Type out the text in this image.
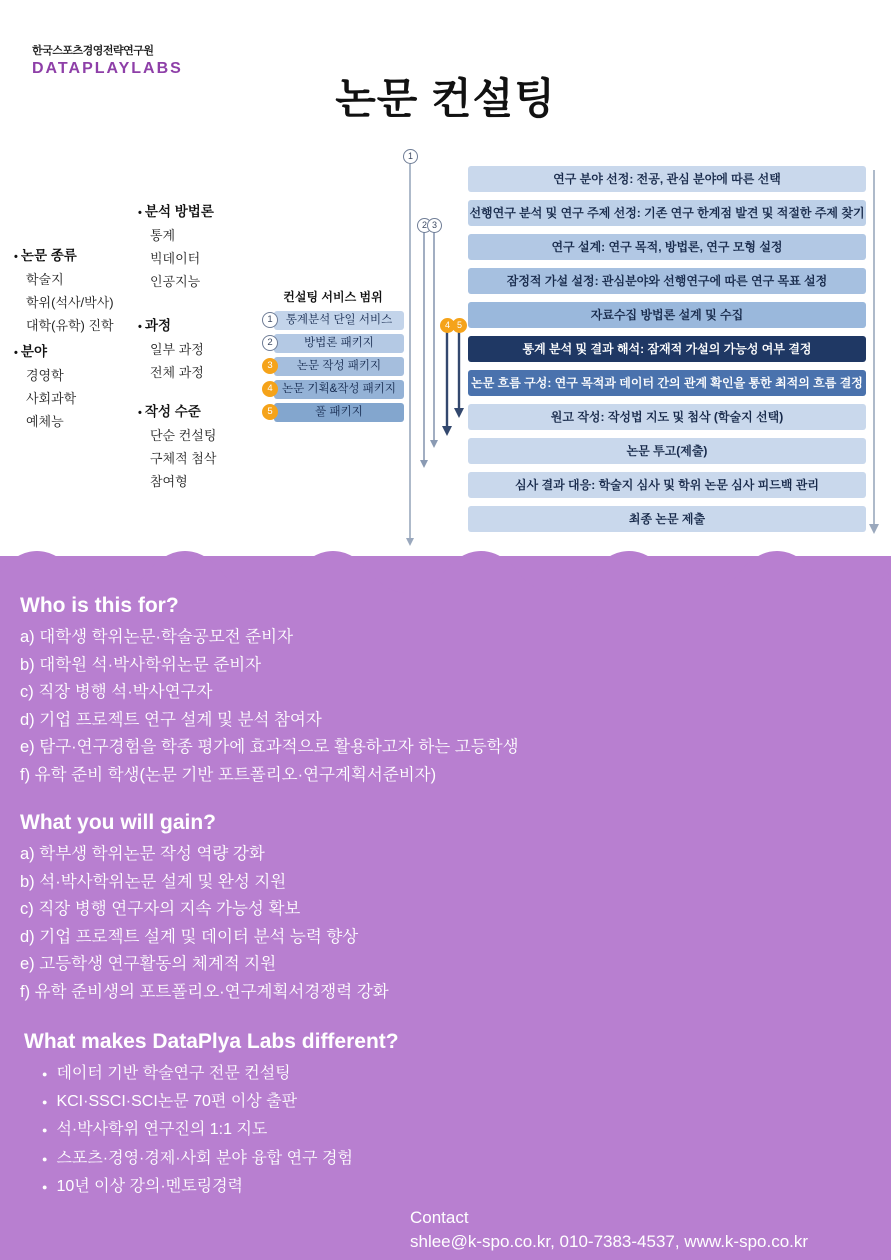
한국스포츠경영전략연구원
DATAPLAYLABS
논문 컨설팅
• 논문 종류
학술지
학위(석사/박사)
대학(유학) 진학
• 분야
경영학
사회과학
예체능
• 분석 방법론
통계
빅데이터
인공지능
• 과정
일부 과정
전체 과정
• 작성 수준
단순 컨설팅
구체적 첨삭
참여형
컨설팅 서비스 범위
1	통계분석 단일 서비스
2	방법론 패키지
3	논문 작성 패키지
4 논문 기획&작성 패키지
5	풀 패키지
1
2 3
4 5
연구 분야 선정: 전공, 관심 분야에 따른 선택
선행연구 분석 및 연구 주제 선정: 기존 연구 한계점 발견 및 적절한 주제 찾기
연구 설계: 연구 목적, 방법론, 연구 모형 설정
잠정적 가설 설정: 관심분야와 선행연구에 따른 연구 목표 설정
자료수집 방법론 설계 및 수집
통계 분석 및 결과 해석: 잠재적 가설의 가능성 여부 결정
논문 흐름 구성: 연구 목적과 데이터 간의 관계 확인을 통한 최적의 흐름 결정
원고 작성: 작성법 지도 및 첨삭 (학술지 선택)
논문 투고(제출)
심사 결과 대응: 학술지 심사 및 학위 논문 심사 피드백 관리
최종 논문 제출
Who is this for?
a) 대학생 학위논문·학술공모전 준비자
b) 대학원 석·박사학위논문 준비자
c) 직장 병행 석·박사연구자
d) 기업 프로젝트 연구 설계 및 분석 참여자
e) 탐구·연구경험을 학종 평가에 효과적으로 활용하고자 하는 고등학생
f) 유학 준비 학생(논문 기반 포트폴리오·연구계획서준비자)
What you will gain?
a) 학부생 학위논문 작성 역량 강화
b) 석·박사학위논문 설계 및 완성 지원
c) 직장 병행 연구자의 지속 가능성 확보
d) 기업 프로젝트 설계 및 데이터 분석 능력 향상
e) 고등학생 연구활동의 체계적 지원
f) 유학 준비생의 포트폴리오·연구계획서경쟁력 강화
What makes DataPlya Labs different?
● 데이터 기반 학술연구 전문 컨설팅
● KCI·SSCI·SCI논문 70편 이상 출판
● 석·박사학위 연구진의 1:1 지도
● 스포츠·경영·경제·사회 분야 융합 연구 경험
● 10년 이상 강의·멘토링경력
Contact
shlee@k-spo.co.kr, 010-7383-4537, www.k-spo.co.kr
